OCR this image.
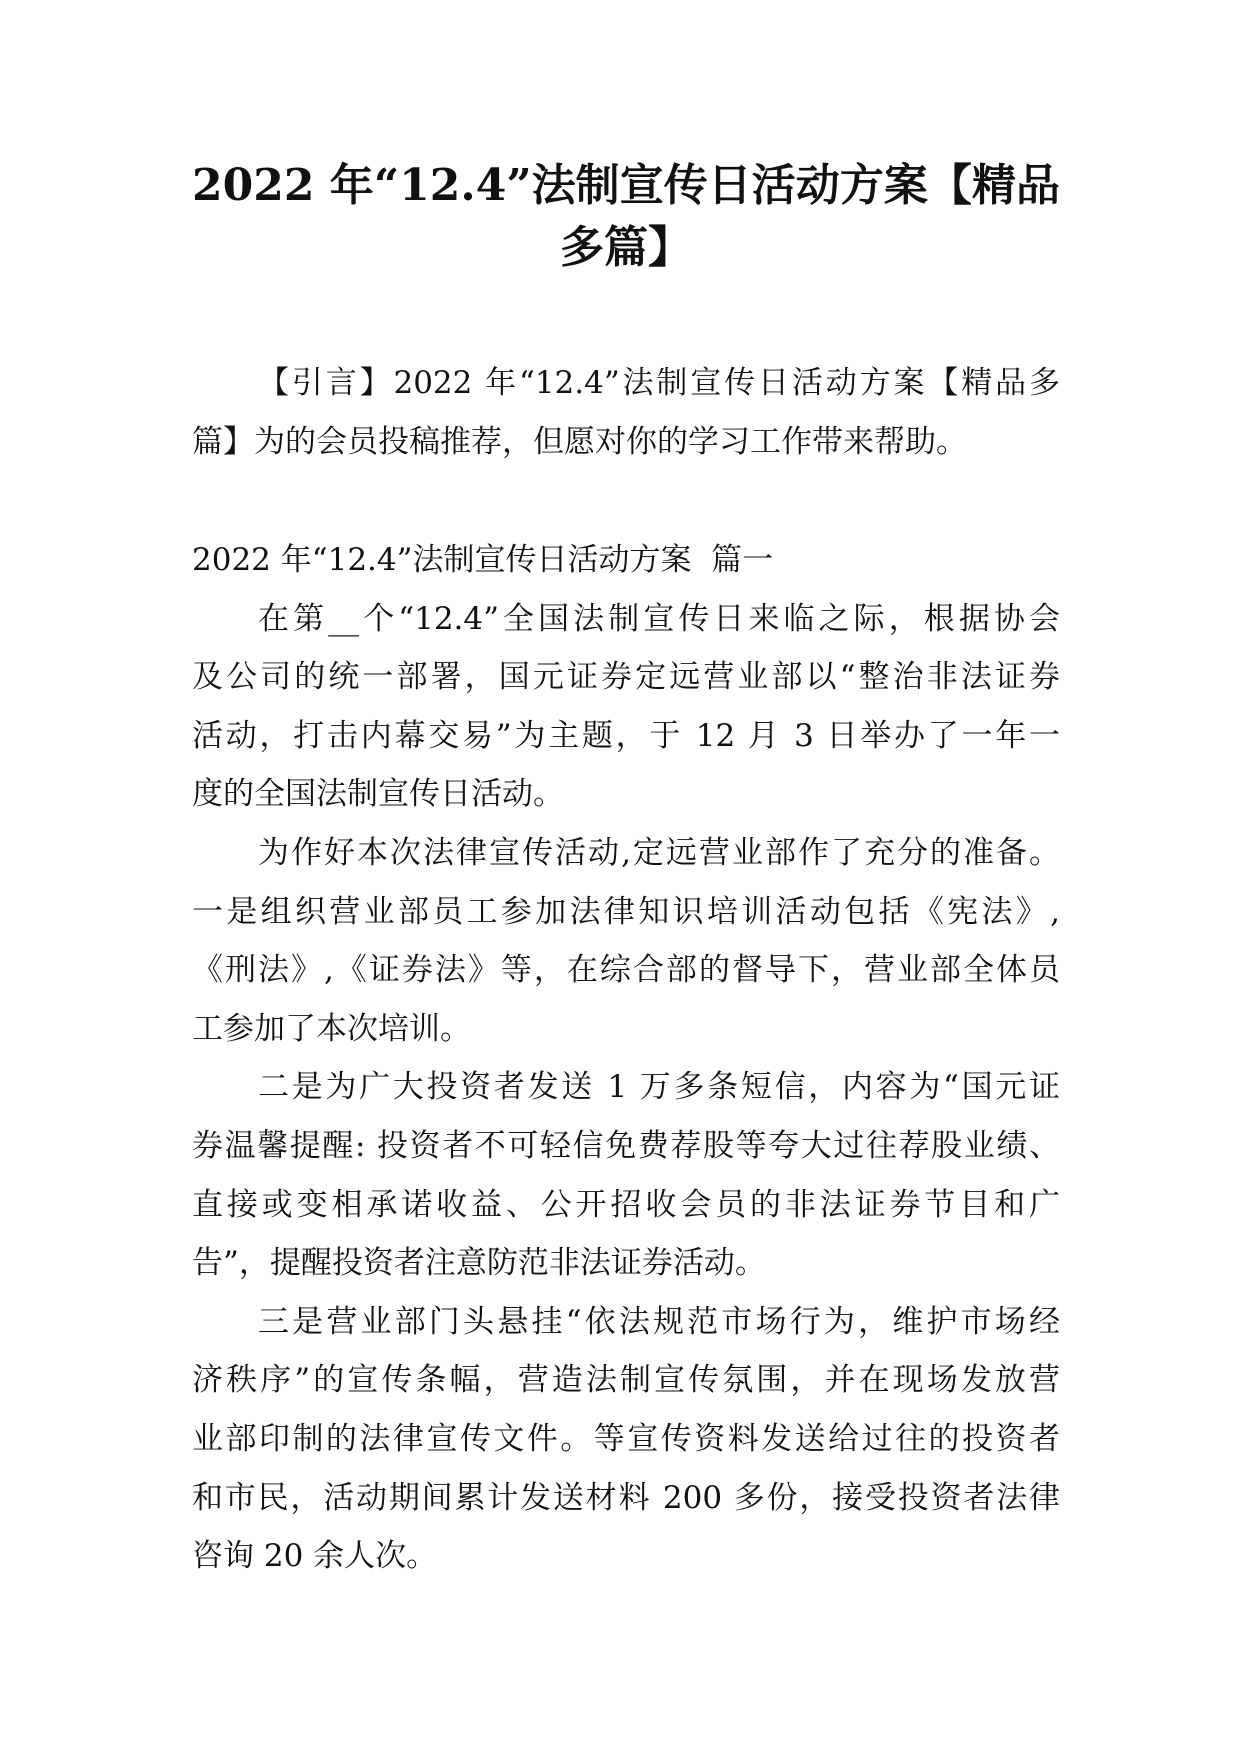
2022 年“12.4”法制宣传日活动方案【精品
多篇】
【引言】2022 年“12.4”法制宣传日活动方案【精品多
篇】为的会员投稿推荐，但愿对你的学习工作带来帮助。
2022 年“12.4”法制宣传日活动方案  篇一
在第__个“12.4”全国法制宣传日来临之际，根据协会
及公司的统一部署，国元证券定远营业部以“整治非法证券
活动，打击内幕交易”为主题，于 12 月 3 日举办了一年一
度的全国法制宣传日活动。
为作好本次法律宣传活动,定远营业部作了充分的准备。
一是组织营业部员工参加法律知识培训活动包括《宪法》,
《刑法》,《证券法》等，在综合部的督导下，营业部全体员
工参加了本次培训。
二是为广大投资者发送 1 万多条短信，内容为“国元证
券温馨提醒: 投资者不可轻信免费荐股等夸大过往荐股业绩、
直接或变相承诺收益、公开招收会员的非法证券节目和广
告”，提醒投资者注意防范非法证券活动。
三是营业部门头悬挂“依法规范市场行为，维护市场经
济秩序”的宣传条幅，营造法制宣传氛围，并在现场发放营
业部印制的法律宣传文件。等宣传资料发送给过往的投资者
和市民，活动期间累计发送材料 200 多份，接受投资者法律
咨询 20 余人次。
